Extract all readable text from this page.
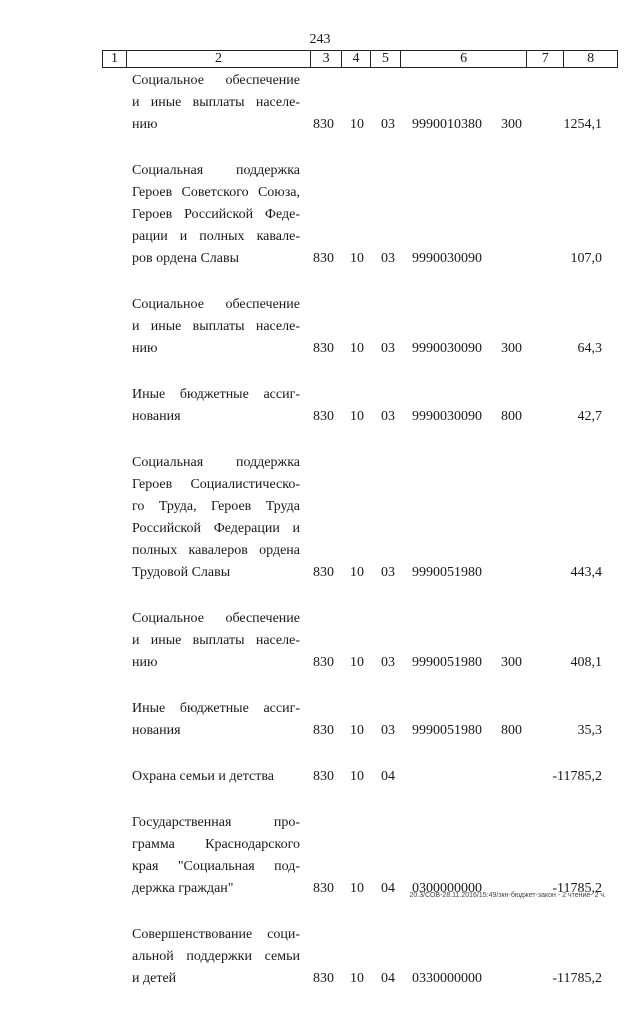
243
1	2	3	4	5	6	7	8
Социальное обеспечение
и иные выплаты населе-
нию	830 10 03 9990010380 300	1254,1
Социальная поддержка
Героев Советского Союза,
Героев Российской Феде-
рации и полных кавале-
ров ордена Славы	830 10 03 9990030090	107,0
Социальное обеспечение
и иные выплаты населе-
нию	830 10 03 9990030090 300	64,3
Иные бюджетные ассиг-
нования	830 10 03 9990030090 800	42,7
Социальная поддержка
Героев Социалистическо-
го Труда, Героев Труда
Российской Федерации и
полных кавалеров ордена
Трудовой Славы	830 10 03 9990051980	443,4
Социальное обеспечение
и иные выплаты населе-
нию	830 10 03 9990051980 300	408,1
Иные бюджетные ассиг-
нования	830 10 03 9990051980 800	35,3
Охрана семьи и детства	830 10 04	-11785,2
Государственная про-
грамма Краснодарского
края "Социальная под-
держка граждан"	830 10 04 0300000000	-11785,2
Совершенствование соци-
альной поддержки семьи
и детей	830 10 04 0330000000	-11785,2
20.3/СОВ-28.11.2016/15:49/зкн-бюджет-закон - 2 чтение- 2 ч.
